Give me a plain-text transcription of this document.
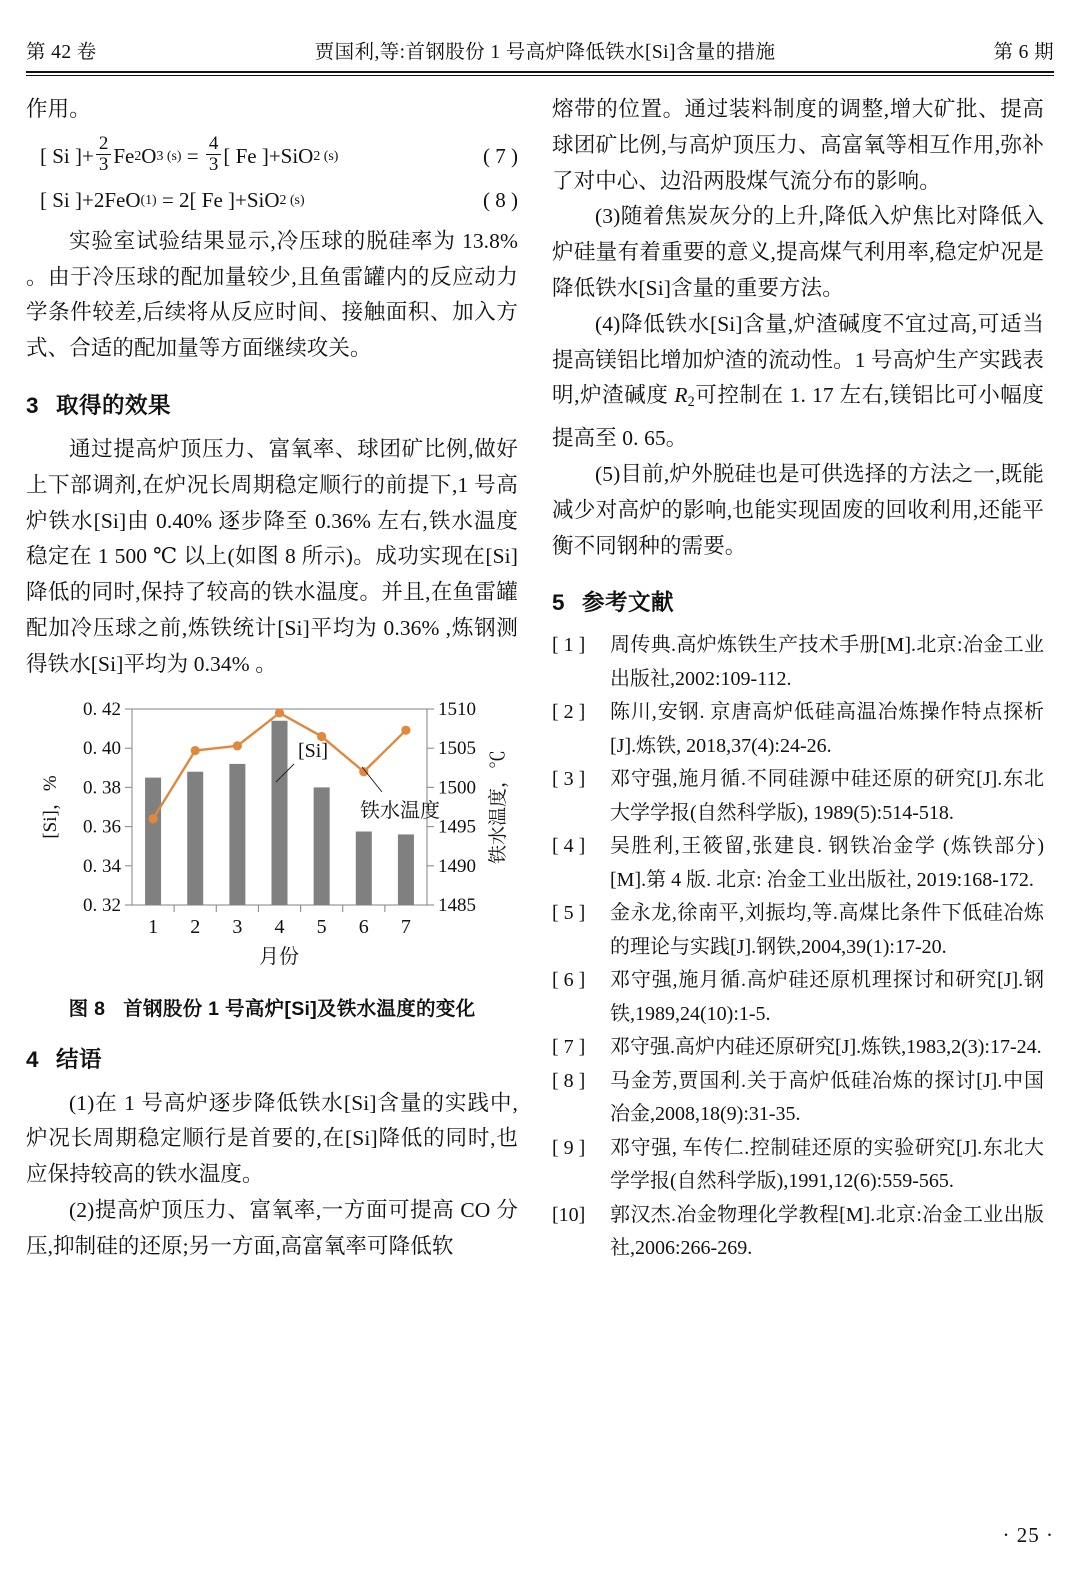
第 42 卷	贾国利,等:首钢股份 1 号高炉降低铁水[Si]含量的措施	第 6 期

作用。

[ Si ]+ $\frac{2}{3}$ Fe 2 O 3 $(s) = \frac{4}{3}$ [ Fe ]+SiO 2 (s)	( 7 )
[ Si ]+2FeO (1) = 2[ Fe ]+SiO 2 (s)	( 8 )

实验室试验结果显示,冷压球的脱硅率为 13.8% 。由于冷压球的配加量较少,且鱼雷罐内的反应动力学条件较差,后续将从反应时间、接触面积、加入方式、合适的配加量等方面继续攻关。

3 取得的效果

通过提高炉顶压力、富氧率、球团矿比例,做好上下部调剂,在炉况长周期稳定顺行的前提下,1 号高炉铁水[Si]由 0.40% 逐步降至 0.36% 左右,铁水温度稳定在 1 500 ℃ 以上(如图 8 所示)。成功实现在[Si]降低的同时,保持了较高的铁水温度。并且,在鱼雷罐配加冷压球之前,炼铁统计[Si]平均为 0.36% ,炼钢测得铁水[Si]平均为 0.34% 。

0. 32
0. 34
0. 36
0. 38
0. 40
0. 42
1485
1490
1495
1500
1505
1510
1 2 3 4 5 6 7
[Si]，%	铁水温度，℃
月份
[Si]
铁水温度
图 8 首钢股份 1 号高炉[Si]及铁水温度的变化
4 结语

(1)在 1 号高炉逐步降低铁水[Si]含量的实践中,炉况长周期稳定顺行是首要的,在[Si]降低的同时,也应保持较高的铁水温度。

(2)提高炉顶压力、富氧率,一方面可提高 CO 分压,抑制硅的还原;另一方面,高富氧率可降低软

熔带的位置。通过装料制度的调整,增大矿批、提高球团矿比例,与高炉顶压力、高富氧等相互作用,弥补了对中心、边沿两股煤气流分布的影响。

(3)随着焦炭灰分的上升,降低入炉焦比对降低入炉硅量有着重要的意义,提高煤气利用率,稳定炉况是降低铁水[Si]含量的重要方法。

(4)降低铁水[Si]含量,炉渣碱度不宜过高,可适当提高镁铝比增加炉渣的流动性。1 号高炉生产实践表明,炉渣碱度 $R_2$可控制在 1. 17 左右,镁铝比可小幅度提高至 0. 65。

(5)目前,炉外脱硅也是可供选择的方法之一,既能减少对高炉的影响,也能实现固废的回收利用,还能平衡不同钢种的需要。

5 参考文献
[ 1 ]	周传典.高炉炼铁生产技术手册[M].北京:冶金工业出版社,2002:109-112.
[ 2 ]	陈川,安钢. 京唐高炉低硅高温冶炼操作特点探析[J].炼铁, 2018,37(4):24-26.
[ 3 ]	邓守强,施月循.不同硅源中硅还原的研究[J].东北大学学报(自然科学版), 1989(5):514-518.
[ 4 ]	吴胜利,王筱留,张建良. 钢铁冶金学 (炼铁部分)[M].第 4 版. 北京: 冶金工业出版社, 2019:168-172.
[ 5 ]	金永龙,徐南平,刘振均,等.高煤比条件下低硅冶炼的理论与实践[J].钢铁,2004,39(1):17-20.
[ 6 ]	邓守强,施月循.高炉硅还原机理探讨和研究[J].钢铁,1989,24(10):1-5.
[ 7 ]	邓守强.高炉内硅还原研究[J].炼铁,1983,2(3):17-24.
[ 8 ]	马金芳,贾国利.关于高炉低硅冶炼的探讨[J].中国冶金,2008,18(9):31-35.
[ 9 ]	邓守强, 车传仁.控制硅还原的实验研究[J].东北大学学报(自然科学版),1991,12(6):559-565.
[10]	郭汉杰.冶金物理化学教程[M].北京:冶金工业出版社,2006:266-269.
· 25 ·
